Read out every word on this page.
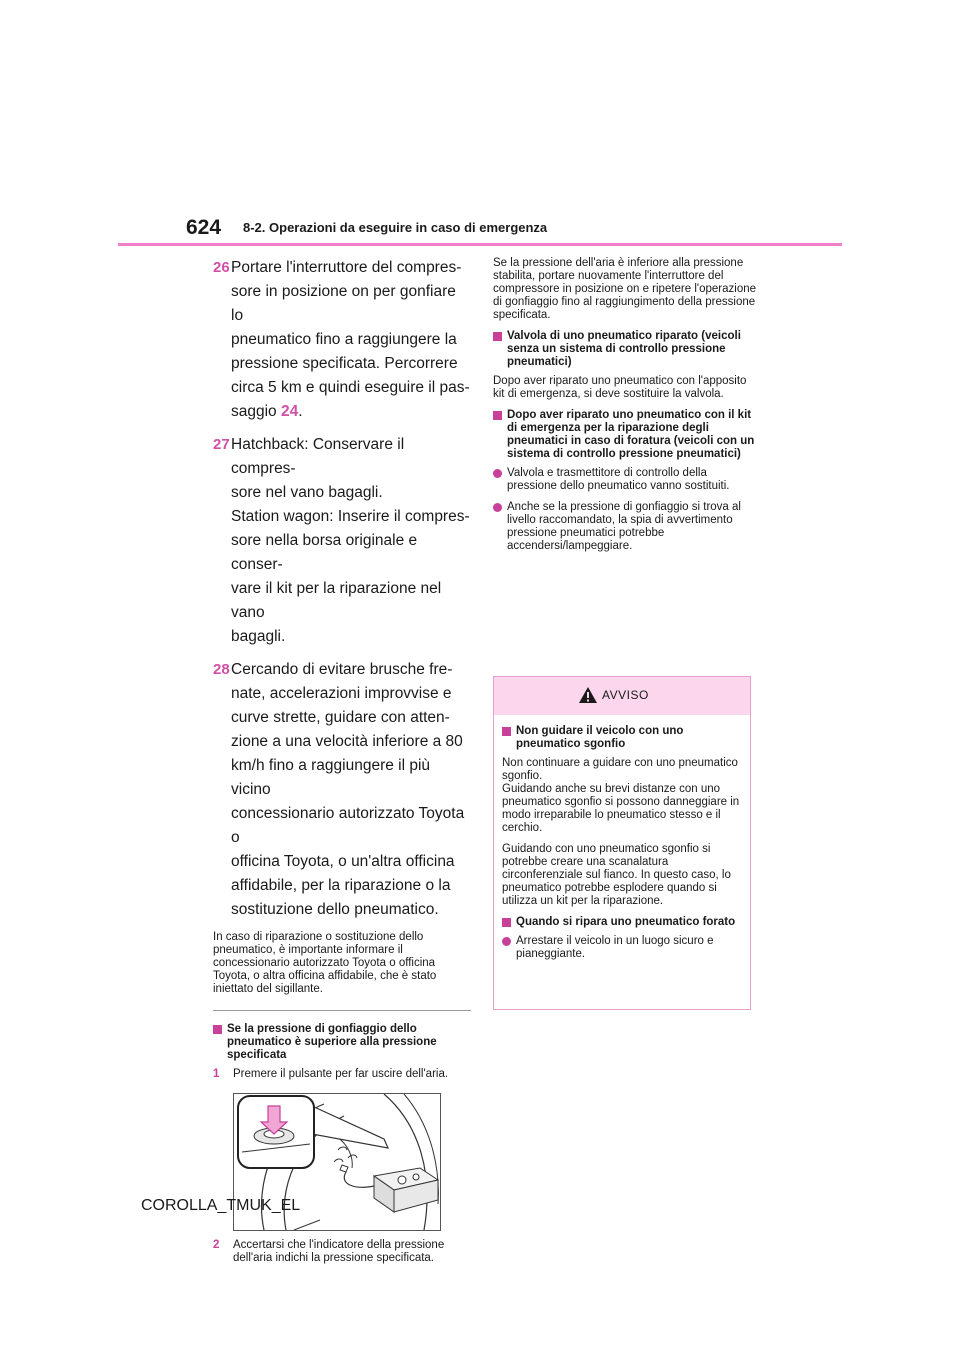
624 8-2. Operazioni da eseguire in caso di emergenza
26 Portare l'interruttore del compres-
sore in posizione on per gonfiare lo
pneumatico fino a raggiungere la
pressione specificata. Percorrere
circa 5 km e quindi eseguire il pas-
saggio 24.
27 Hatchback: Conservare il compres-
sore nel vano bagagli.
Station wagon: Inserire il compres-
sore nella borsa originale e conser-
vare il kit per la riparazione nel vano
bagagli.
28 Cercando di evitare brusche fre-
nate, accelerazioni improvvise e
curve strette, guidare con atten-
zione a una velocità inferiore a 80
km/h fino a raggiungere il più vicino
concessionario autorizzato Toyota o
officina Toyota, o un'altra officina
affidabile, per la riparazione o la
sostituzione dello pneumatico.

In caso di riparazione o sostituzione dello pneumatico, è importante informare il concessionario autorizzato Toyota o officina Toyota, o altra officina affidabile, che è stato iniettato del sigillante.

Se la pressione di gonfiaggio dello pneumatico è superiore alla pressione specificata
1 Premere il pulsante per far uscire dell'aria.
2 Accertarsi che l'indicatore della pressione dell'aria indichi la pressione specificata.

Se la pressione dell'aria è inferiore alla pressione stabilita, portare nuovamente l'interruttore del compressore in posizione on e ripetere l'operazione di gonfiaggio fino al raggiungimento della pressione specificata.

Valvola di uno pneumatico riparato (veicoli senza un sistema di controllo pressione pneumatici)

Dopo aver riparato uno pneumatico con l'apposito kit di emergenza, si deve sostituire la valvola.

Dopo aver riparato uno pneumatico con il kit di emergenza per la riparazione degli pneumatici in caso di foratura (veicoli con un sistema di controllo pressione pneumatici)
Valvola e trasmettitore di controllo della pressione dello pneumatico vanno sostituiti.
Anche se la pressione di gonfiaggio si trova al livello raccomandato, la spia di avvertimento pressione pneumatici potrebbe accendersi/lampeggiare.
AVVISO
Non guidare il veicolo con uno pneumatico sgonfio

Non continuare a guidare con uno pneumatico sgonfio.

Guidando anche su brevi distanze con uno pneumatico sgonfio si possono danneggiare in modo irreparabile lo pneumatico stesso e il cerchio.

Guidando con uno pneumatico sgonfio si potrebbe creare una scanalatura circonferenziale sul fianco. In questo caso, lo pneumatico potrebbe esplodere quando si utilizza un kit per la riparazione.

Quando si ripara uno pneumatico forato
Arrestare il veicolo in un luogo sicuro e pianeggiante.
COROLLA_TMUK_EL
